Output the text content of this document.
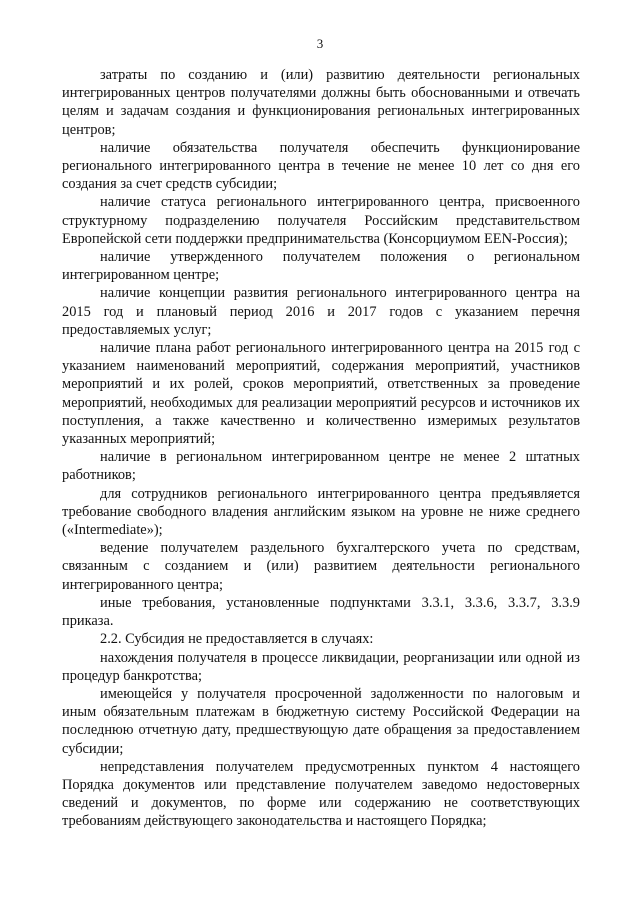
3

затраты по созданию и (или) развитию деятельности региональных интегрированных центров получателями должны быть обоснованными и отвечать целям и задачам создания и функционирования региональных интегрированных центров;

наличие обязательства получателя обеспечить функционирование регионального интегрированного центра в течение не менее 10 лет со дня его создания за счет средств субсидии;

наличие статуса регионального интегрированного центра, присвоенного структурному подразделению получателя Российским представительством Европейской сети поддержки предпринимательства (Консорциумом EEN-Россия);

наличие утвержденного получателем положения о региональном интегрированном центре;

наличие концепции развития регионального интегрированного центра на 2015 год и плановый период 2016 и 2017 годов с указанием перечня предоставляемых услуг;

наличие плана работ регионального интегрированного центра на 2015 год с указанием наименований мероприятий, содержания мероприятий, участников мероприятий и их ролей, сроков мероприятий, ответственных за проведение мероприятий, необходимых для реализации мероприятий ресурсов и источников их поступления, а также качественно и количественно измеримых результатов указанных мероприятий;

наличие в региональном интегрированном центре не менее 2 штатных работников;

для сотрудников регионального интегрированного центра предъявляется требование свободного владения английским языком на уровне не ниже среднего («Intermediate»);

ведение получателем раздельного бухгалтерского учета по средствам, связанным с созданием и (или) развитием деятельности регионального интегрированного центра;

иные требования, установленные подпунктами 3.3.1, 3.3.6, 3.3.7, 3.3.9 приказа.

2.2. Субсидия не предоставляется в случаях:

нахождения получателя в процессе ликвидации, реорганизации или одной из процедур банкротства;

имеющейся у получателя просроченной задолженности по налоговым и иным обязательным платежам в бюджетную систему Российской Федерации на последнюю отчетную дату, предшествующую дате обращения за предоставлением субсидии;

непредставления получателем предусмотренных пунктом 4 настоящего Порядка документов или представление получателем заведомо недостоверных сведений и документов, по форме или содержанию не соответствующих требованиям действующего законодательства и настоящего Порядка;
